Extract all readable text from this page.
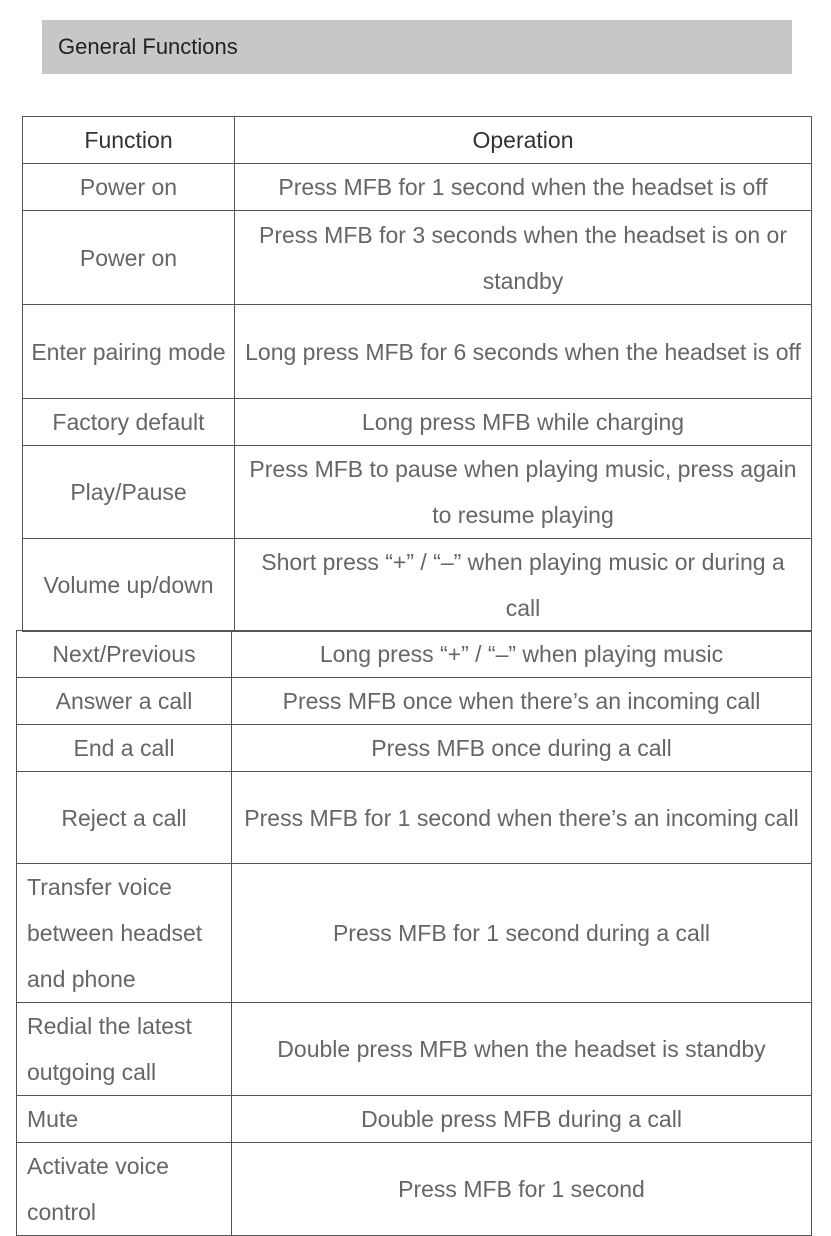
General Functions
Function	Operation
Power on	Press MFB for 1 second when the headset is off
Power on	Press MFB for 3 seconds when the headset is on or standby
Enter pairing mode	Long press MFB for 6 seconds when the headset is off
Factory default	Long press MFB while charging
Play/Pause	Press MFB to pause when playing music, press again to resume playing
Volume up/down	Short press “+” / “–” when playing music or during a call
Next/Previous	Long press “+” / “–” when playing music
Answer a call	Press MFB once when there’s an incoming call
End a call	Press MFB once during a call
Reject a call	Press MFB for 1 second when there’s an incoming call
Transfer voice between headset and phone	Press MFB for 1 second during a call
Redial the latest outgoing call	Double press MFB when the headset is standby
Mute	Double press MFB during a call
Activate voice control	Press MFB for 1 second
